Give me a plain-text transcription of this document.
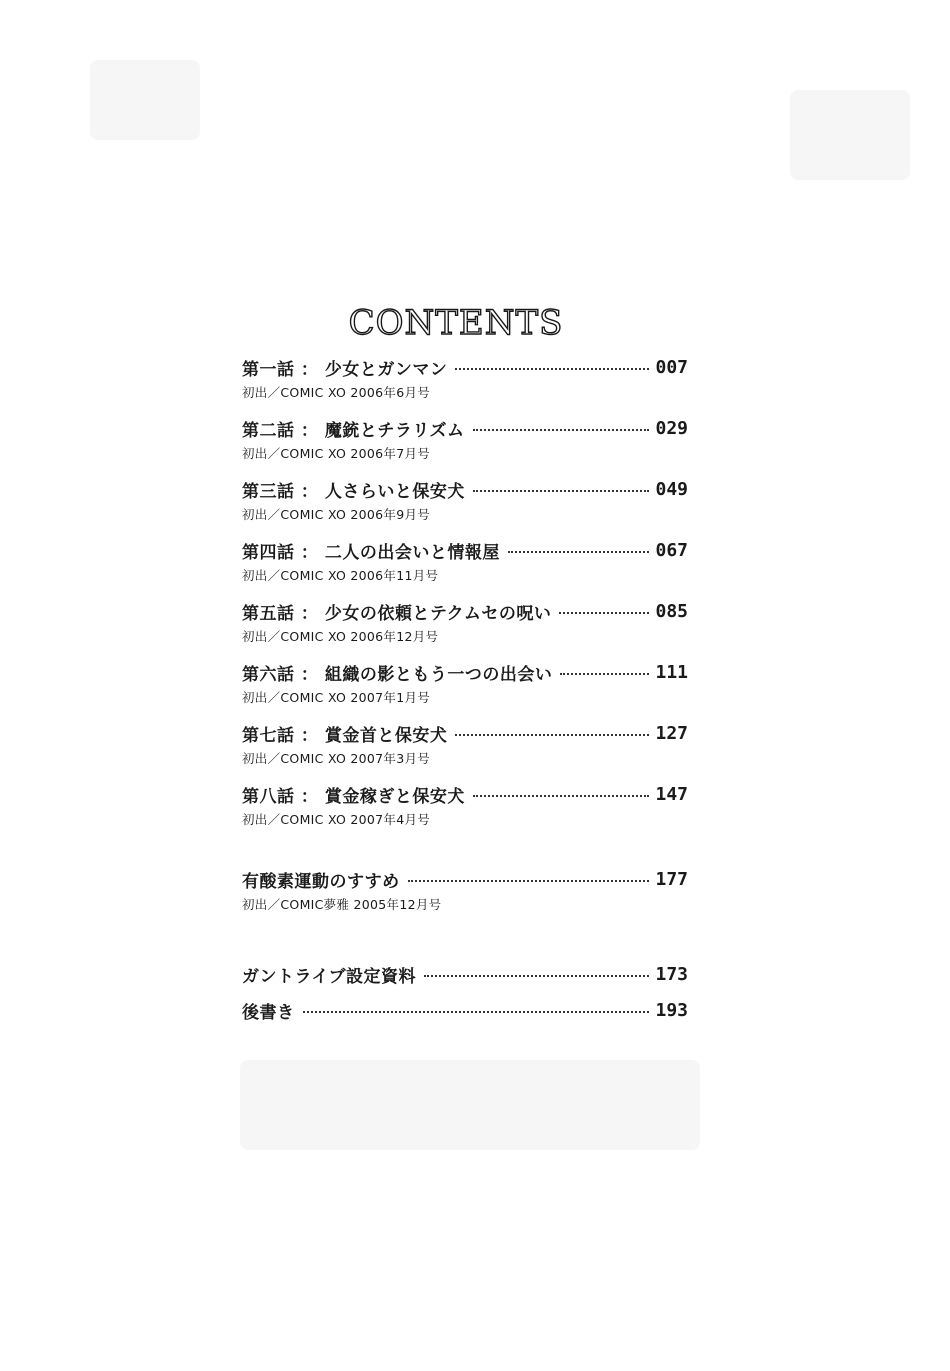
CONTENTS
第一話 ： 少女とガンマン	007
初出／COMIC XO 2006年6月号
第二話 ： 魔銃とチラリズム	029
初出／COMIC XO 2006年7月号
第三話 ： 人さらいと保安犬	049
初出／COMIC XO 2006年9月号
第四話 ： 二人の出会いと情報屋	067
初出／COMIC XO 2006年11月号
第五話 ： 少女の依頼とテクムセの呪い	085
初出／COMIC XO 2006年12月号
第六話 ： 組織の影ともう一つの出会い	111
初出／COMIC XO 2007年1月号
第七話 ： 賞金首と保安犬	127
初出／COMIC XO 2007年3月号
第八話 ： 賞金稼ぎと保安犬	147
初出／COMIC XO 2007年4月号
有酸素運動のすすめ	177
初出／COMIC夢雅 2005年12月号
ガントライブ設定資料	173
後書き	193
